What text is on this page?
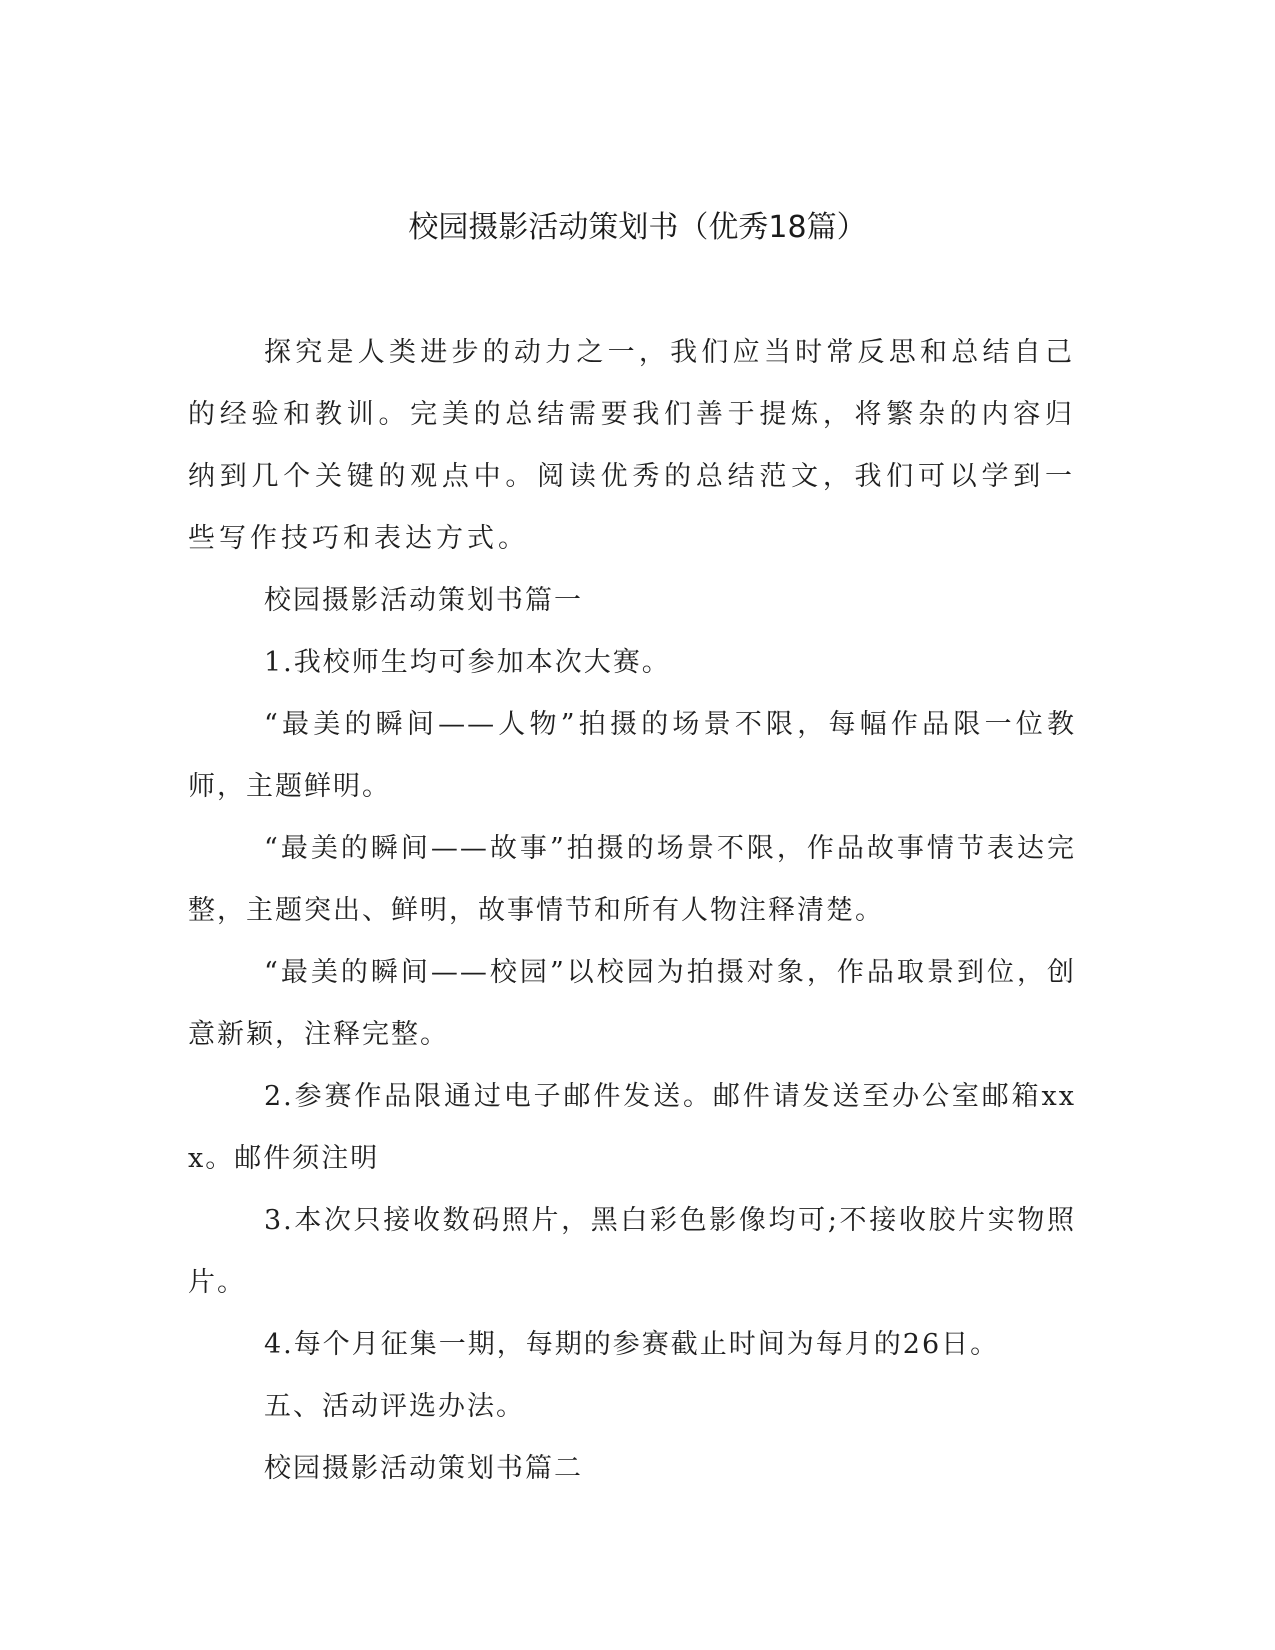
校园摄影活动策划书（优秀18篇）

探究是人类进步的动力之一，我们应当时常反思和总结自己的经验和教训。完美的总结需要我们善于提炼，将繁杂的内容归纳到几个关键的观点中。阅读优秀的总结范文，我们可以学到一些写作技巧和表达方式。

校园摄影活动策划书篇一

1.我校师生均可参加本次大赛。

“最美的瞬间——人物”拍摄的场景不限，每幅作品限一位教师，主题鲜明。

“最美的瞬间——故事”拍摄的场景不限，作品故事情节表达完整，主题突出、鲜明，故事情节和所有人物注释清楚。

“最美的瞬间——校园”以校园为拍摄对象，作品取景到位，创意新颖，注释完整。

2.参赛作品限通过电子邮件发送。邮件请发送至办公室邮箱xxx。邮件须注明

3.本次只接收数码照片，黑白彩色影像均可;不接收胶片实物照片。

4.每个月征集一期，每期的参赛截止时间为每月的26日。

五、活动评选办法。

校园摄影活动策划书篇二
